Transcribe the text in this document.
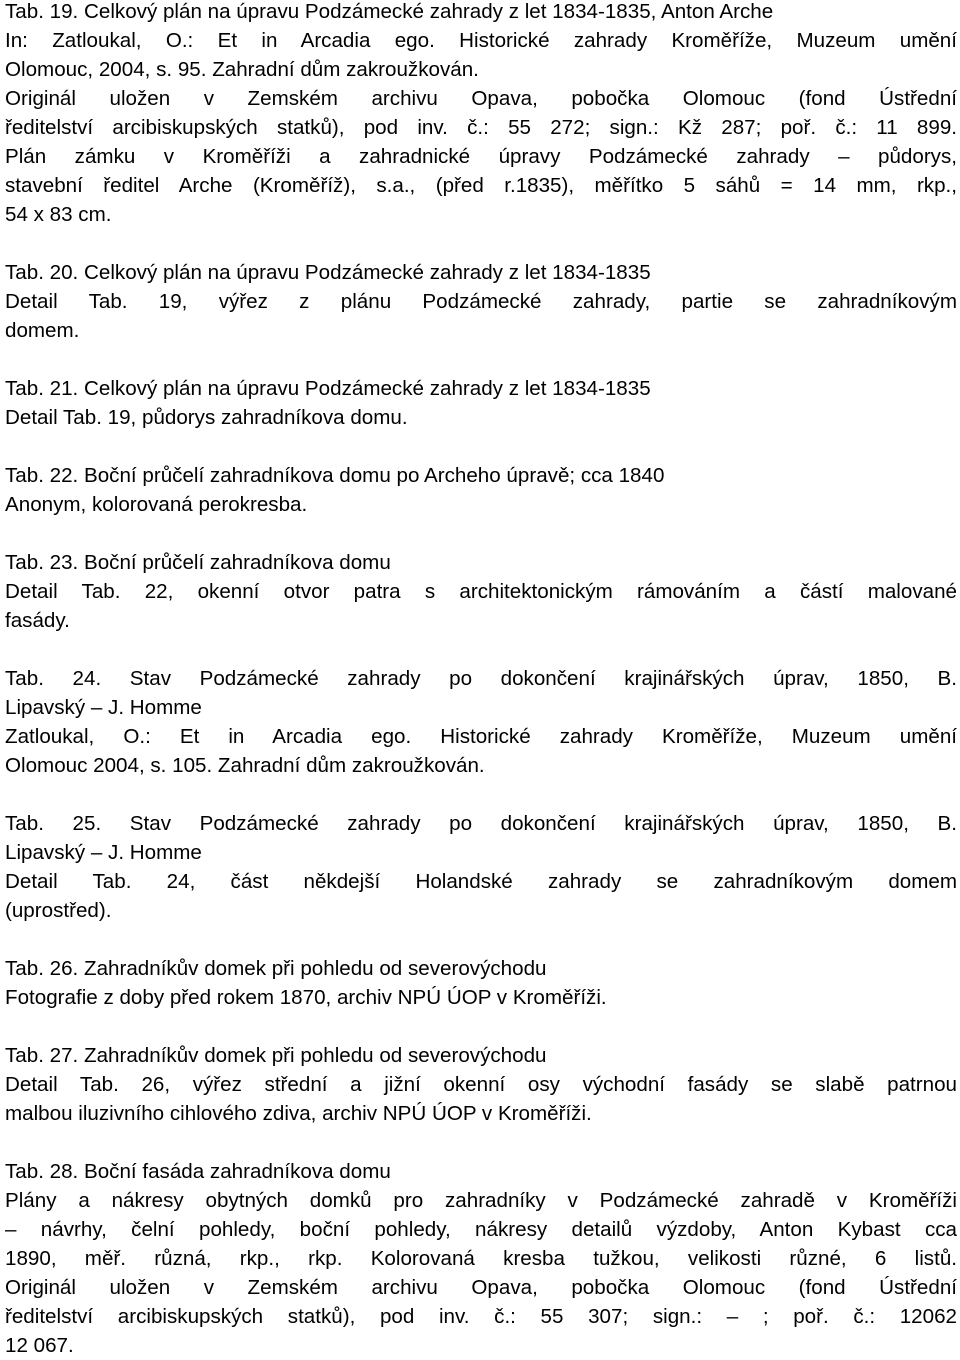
Tab. 19. Celkový plán na úpravu Podzámecké zahrady z let 1834-1835, Anton Arche
In: Zatloukal, O.: Et in Arcadia ego. Historické zahrady Kroměříže, Muzeum umění
Olomouc, 2004, s. 95. Zahradní dům zakroužkován.
Originál uložen v Zemském archivu Opava, pobočka Olomouc (fond Ústřední
ředitelství arcibiskupských statků), pod inv. č.: 55 272; sign.: Kž 287; poř. č.: 11 899.
Plán zámku v Kroměříži a zahradnické úpravy Podzámecké zahrady – půdorys,
stavební ředitel Arche (Kroměříž), s.a., (před r.1835), měřítko 5 sáhů = 14 mm, rkp.,
54 x 83 cm.

Tab. 20. Celkový plán na úpravu Podzámecké zahrady z let 1834-1835
Detail Tab. 19, výřez z plánu Podzámecké zahrady, partie se zahradníkovým
domem.

Tab. 21. Celkový plán na úpravu Podzámecké zahrady z let 1834-1835
Detail Tab. 19, půdorys zahradníkova domu.

Tab. 22. Boční průčelí zahradníkova domu po Archeho úpravě; cca 1840
Anonym, kolorovaná perokresba.

Tab. 23. Boční průčelí zahradníkova domu
Detail Tab. 22, okenní otvor patra s architektonickým rámováním a částí malované
fasády.

Tab. 24. Stav Podzámecké zahrady po dokončení krajinářských úprav, 1850, B.
Lipavský – J. Homme
Zatloukal, O.: Et in Arcadia ego. Historické zahrady Kroměříže, Muzeum umění
Olomouc 2004, s. 105. Zahradní dům zakroužkován.

Tab. 25. Stav Podzámecké zahrady po dokončení krajinářských úprav, 1850, B.
Lipavský – J. Homme
Detail Tab. 24, část někdejší Holandské zahrady se zahradníkovým domem
(uprostřed).

Tab. 26. Zahradníkův domek při pohledu od severovýchodu
Fotografie z doby před rokem 1870, archiv NPÚ ÚOP v Kroměříži.

Tab. 27. Zahradníkův domek při pohledu od severovýchodu
Detail Tab. 26, výřez střední a jižní okenní osy východní fasády se slabě patrnou
malbou iluzivního cihlového zdiva, archiv NPÚ ÚOP v Kroměříži.

Tab. 28. Boční fasáda zahradníkova domu
Plány a nákresy obytných domků pro zahradníky v Podzámecké zahradě v Kroměříži
– návrhy, čelní pohledy, boční pohledy, nákresy detailů výzdoby, Anton Kybast cca
1890, měř. různá, rkp., rkp. Kolorovaná kresba tužkou, velikosti různé, 6 listů.
Originál uložen v Zemském archivu Opava, pobočka Olomouc (fond Ústřední
ředitelství arcibiskupských statků), pod inv. č.: 55 307; sign.: – ; poř. č.: 12062
12 067.
